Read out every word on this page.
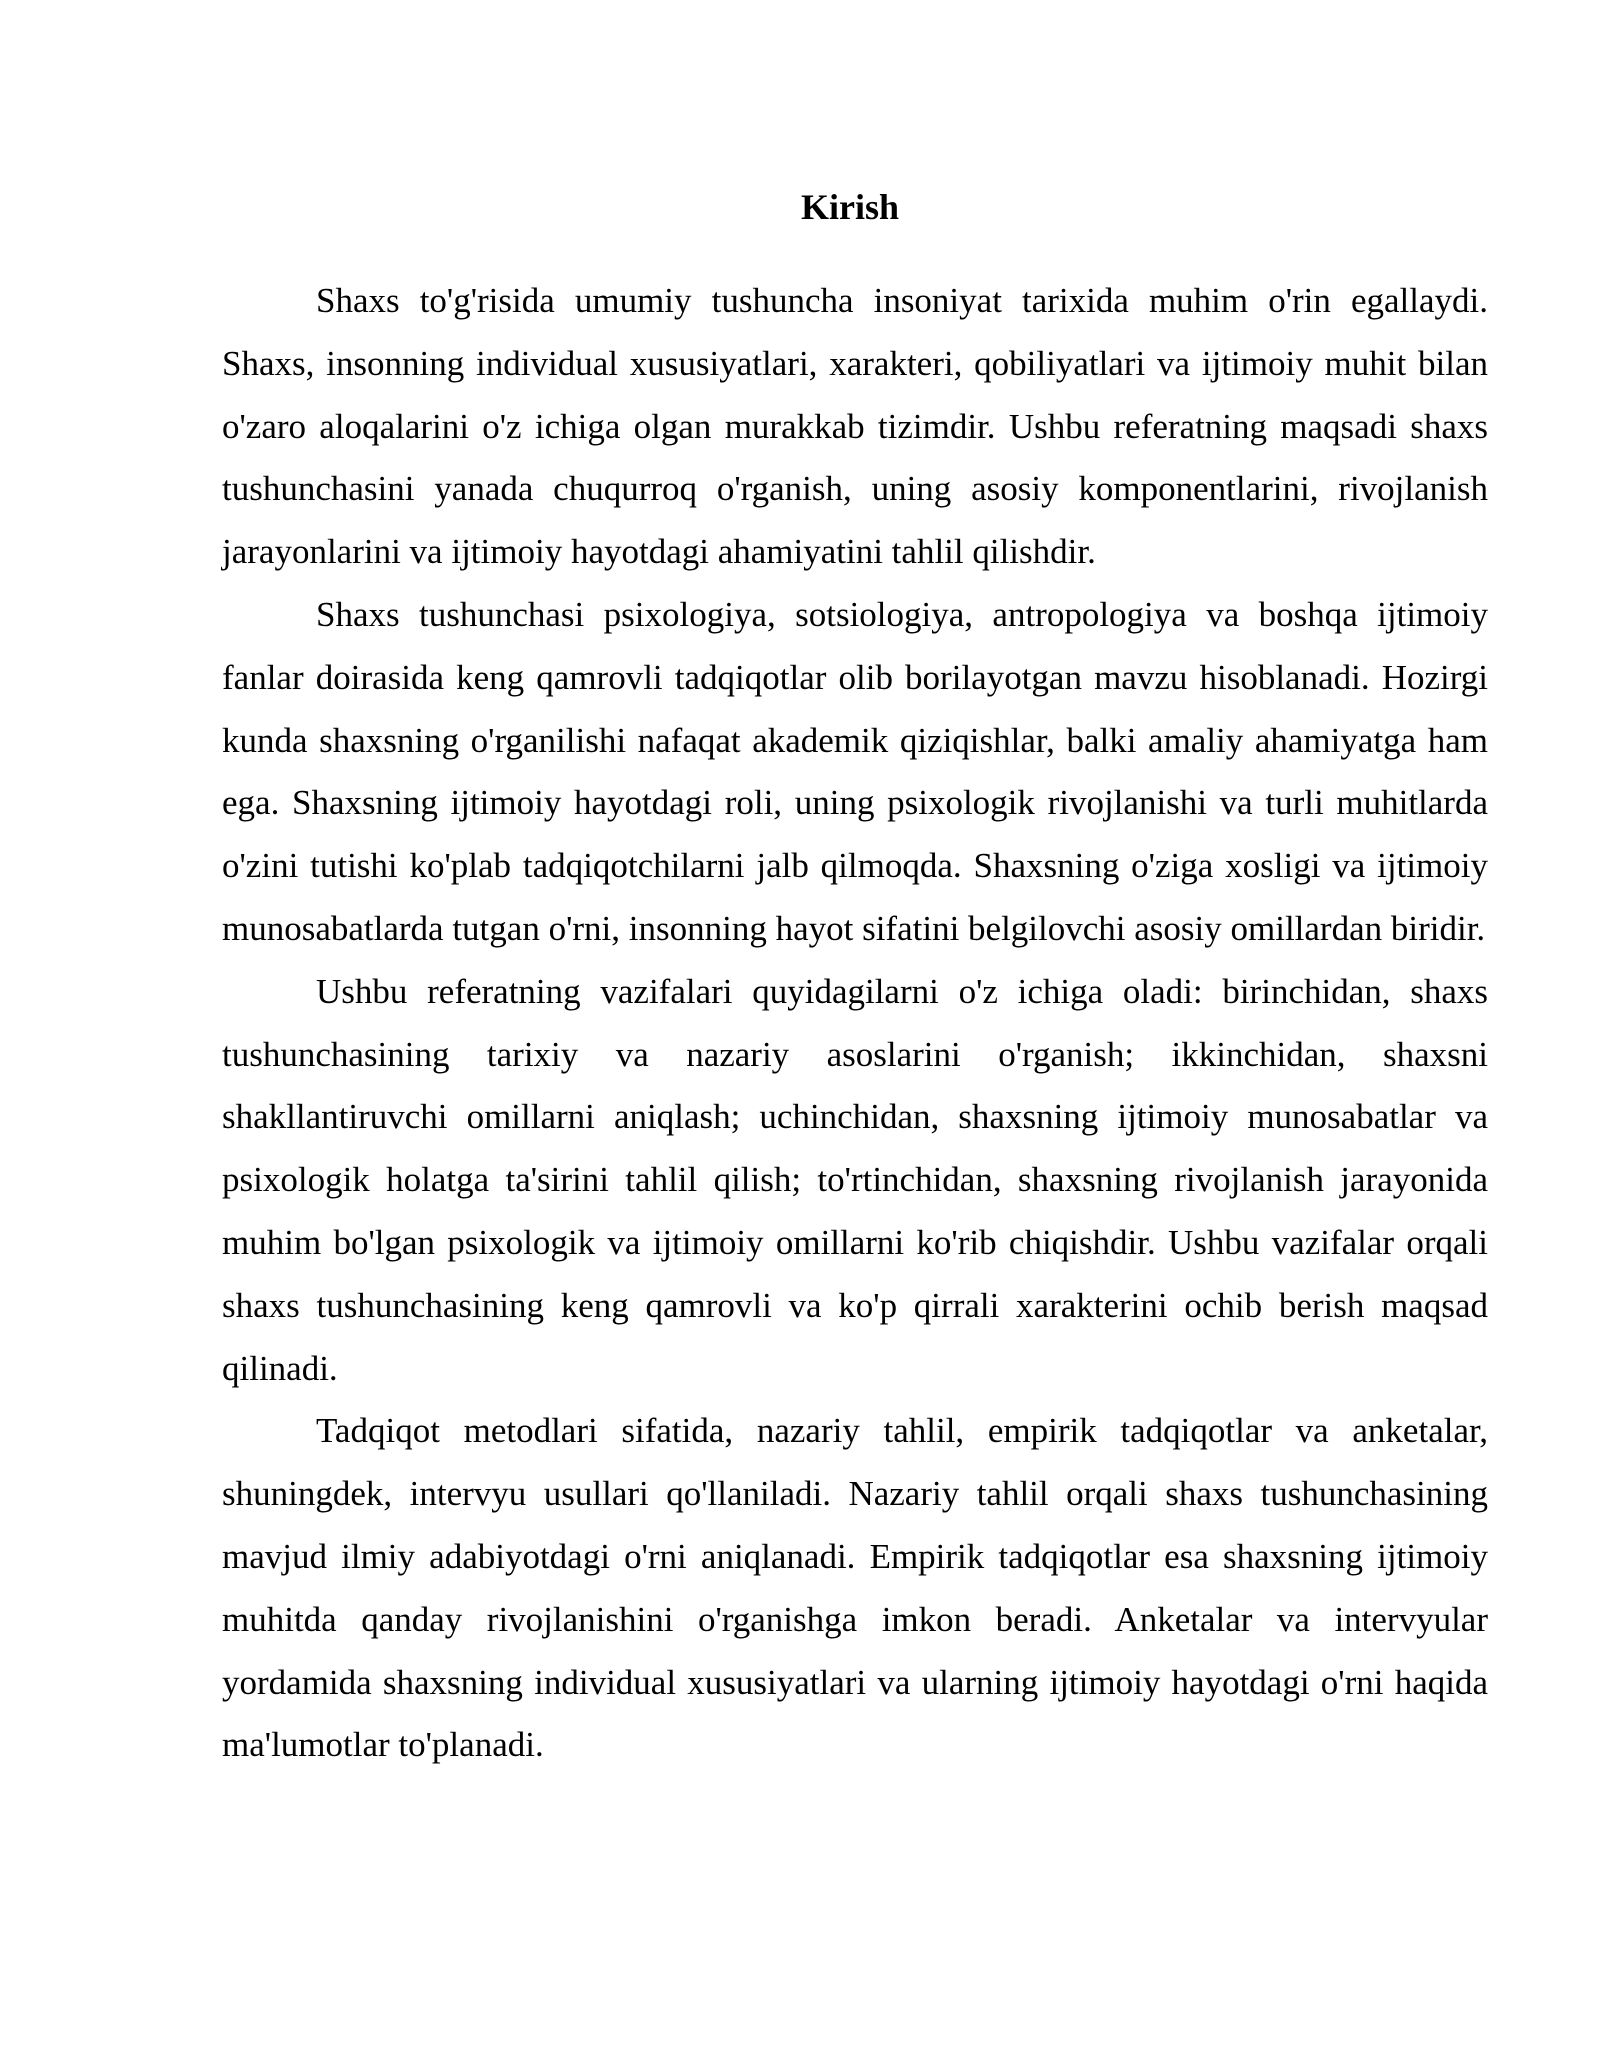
Kirish

Shaxs to'g'risida umumiy tushuncha insoniyat tarixida muhim o'rin egallaydi. Shaxs, insonning individual xususiyatlari, xarakteri, qobiliyatlari va ijtimoiy muhit bilan o'zaro aloqalarini o'z ichiga olgan murakkab tizimdir. Ushbu referatning maqsadi shaxs tushunchasini yanada chuqurroq o'rganish, uning asosiy komponentlarini, rivojlanish jarayonlarini va ijtimoiy hayotdagi ahamiyatini tahlil qilishdir.

Shaxs tushunchasi psixologiya, sotsiologiya, antropologiya va boshqa ijtimoiy fanlar doirasida keng qamrovli tadqiqotlar olib borilayotgan mavzu hisoblanadi. Hozirgi kunda shaxsning o'rganilishi nafaqat akademik qiziqishlar, balki amaliy ahamiyatga ham ega. Shaxsning ijtimoiy hayotdagi roli, uning psixologik rivojlanishi va turli muhitlarda o'zini tutishi ko'plab tadqiqotchilarni jalb qilmoqda. Shaxsning o'ziga xosligi va ijtimoiy munosabatlarda tutgan o'rni, insonning hayot sifatini belgilovchi asosiy omillardan biridir.

Ushbu referatning vazifalari quyidagilarni o'z ichiga oladi: birinchidan, shaxs tushunchasining tarixiy va nazariy asoslarini o'rganish; ikkinchidan, shaxsni shakllantiruvchi omillarni aniqlash; uchinchidan, shaxsning ijtimoiy munosabatlar va psixologik holatga ta'sirini tahlil qilish; to'rtinchidan, shaxsning rivojlanish jarayonida muhim bo'lgan psixologik va ijtimoiy omillarni ko'rib chiqishdir. Ushbu vazifalar orqali shaxs tushunchasining keng qamrovli va ko'p qirrali xarakterini ochib berish maqsad qilinadi.

Tadqiqot metodlari sifatida, nazariy tahlil, empirik tadqiqotlar va anketalar, shuningdek, intervyu usullari qo'llaniladi. Nazariy tahlil orqali shaxs tushunchasining mavjud ilmiy adabiyotdagi o'rni aniqlanadi. Empirik tadqiqotlar esa shaxsning ijtimoiy muhitda qanday rivojlanishini o'rganishga imkon beradi. Anketalar va intervyular yordamida shaxsning individual xususiyatlari va ularning ijtimoiy hayotdagi o'rni haqida ma'lumotlar to'planadi.
